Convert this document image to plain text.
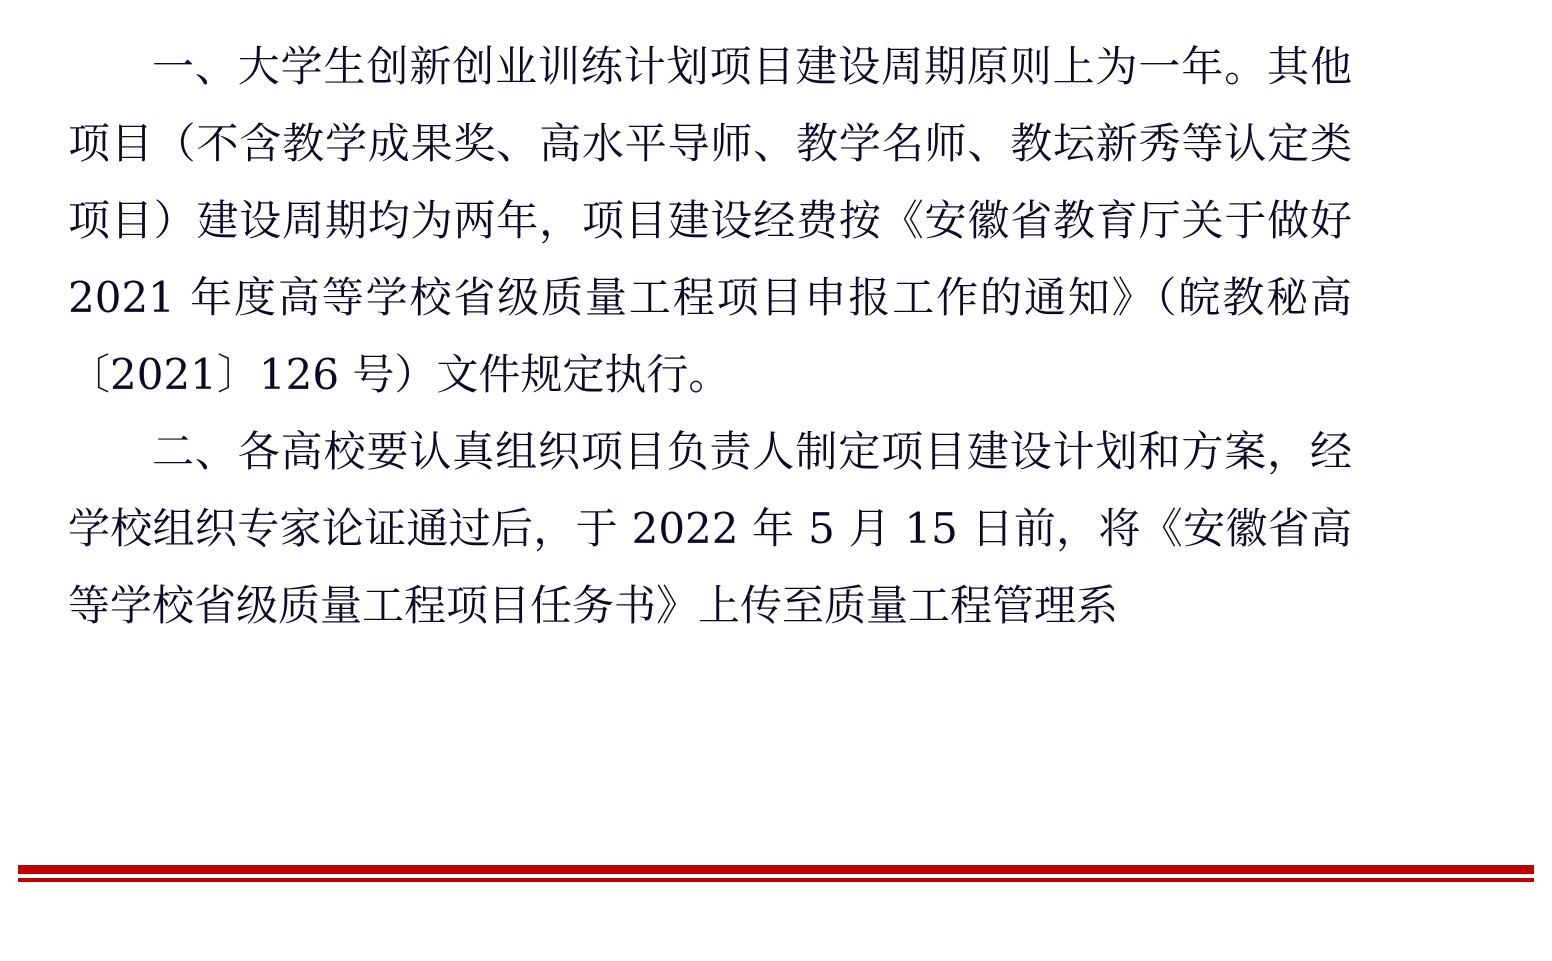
一、大学生创新创业训练计划项目建设周期原则上为一年。其他项目（不含教学成果奖、高水平导师、教学名师、教坛新秀等认定类项目）建设周期均为两年，项目建设经费按《安徽省教育厅关于做好 2021 年度高等学校省级质量工程项目申报工作的通知》（皖教秘高〔2021〕126 号）文件规定执行。

二、各高校要认真组织项目负责人制定项目建设计划和方案，经学校组织专家论证通过后，于 2022 年 5 月 15 日前，将《安徽省高等学校省级质量工程项目任务书》上传至质量工程管理系
